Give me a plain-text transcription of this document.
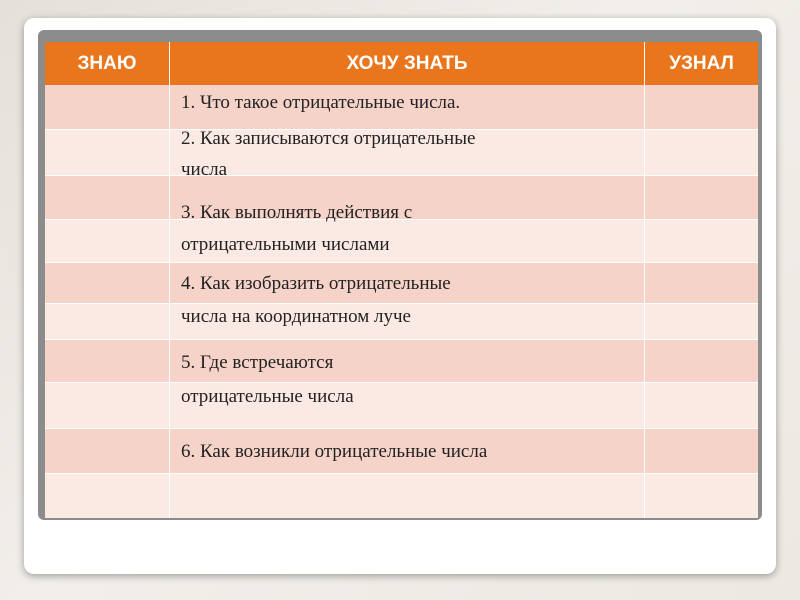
ЗНАЮ	ХОЧУ ЗНАТЬ	УЗНАЛ
1. Что такое отрицательные числа.
2. Как записываются отрицательные
числа
3. Как выполнять действия с
отрицательными числами
4. Как изобразить отрицательные
числа на координатном луче
5. Где встречаются
отрицательные числа
6. Как возникли отрицательные числа
